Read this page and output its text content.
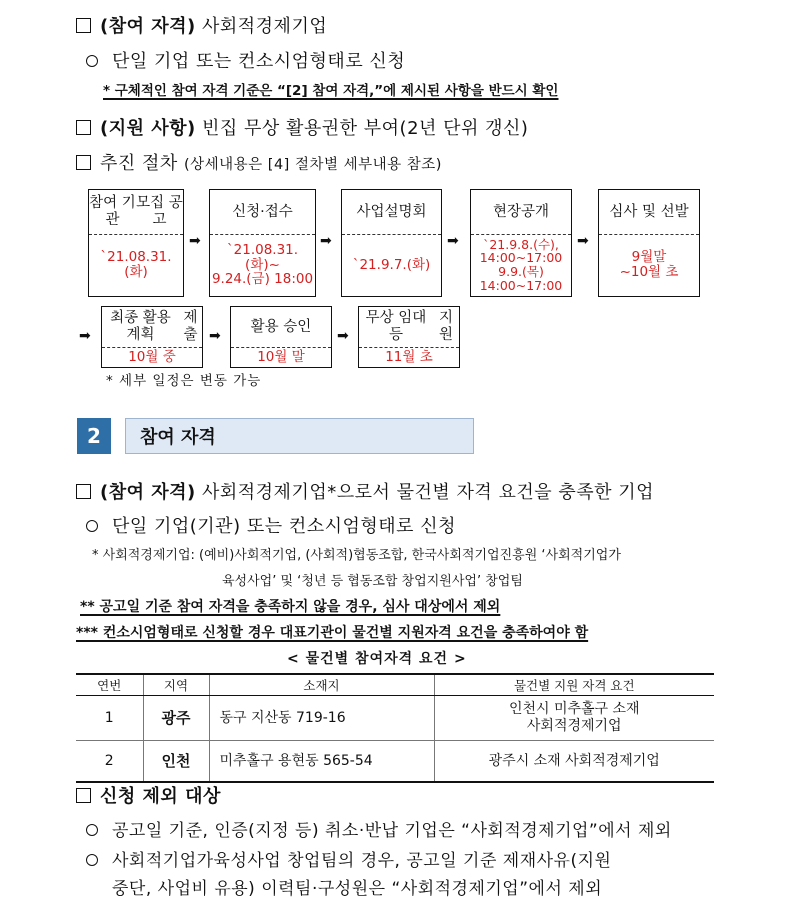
(참여 자격) 사회적경제기업
단일 기업 또는 컨소시엄형태로 신청
* 구체적인 참여 자격 기준은 “[2] 참여 자격,”에 제시된 사항을 반드시 확인
(지원 사항) 빈집 무상 활용권한 부여(2년 단위 갱신)
추진 절차 (상세내용은 [4] 절차별 세부내용 참조)
참여 기관
모집 공고
`21.08.31.(화)
➡
신청·접수
`21.08.31.(화)~
9.24.(금) 18:00
➡
사업설명회
`21.9.7.(화)
➡
현장공개
`21.9.8.(수),
14:00~17:00
9.9.(목)
14:00~17:00
➡
심사 및 선발
9월말
~10월 초
➡
최종 활용 계획
제출
10월 중
➡
활용 승인
10월 말
➡
무상 임대 등
지원
11월 초
* 세부 일정은 변동 가능
2	참여 자격
(참여 자격) 사회적경제기업*으로서 물건별 자격 요건을 충족한 기업
단일 기업(기관) 또는 컨소시엄형태로 신청
* 사회적경제기업: (예비)사회적기업, (사회적)협동조합, 한국사회적기업진흥원 ‘사회적기업가
육성사업’ 및 ‘청년 등 협동조합 창업지원사업’ 창업팀
** 공고일 기준 참여 자격을 충족하지 않을 경우, 심사 대상에서 제외
*** 컨소시엄형태로 신청할 경우 대표기관이 물건별 지원자격 요건을 충족하여야 함
< 물건별 참여자격 요건 >
연번	지역	소재지	물건별 지원 자격 요건
1	광주	동구 지산동 719-16	인천시 미추홀구 소재
사회적경제기업
2	인천	미추홀구 용현동 565-54	광주시 소재 사회적경제기업
신청 제외 대상
공고일 기준, 인증(지정 등) 취소·반납 기업은 “사회적경제기업”에서 제외
사회적기업가육성사업 창업팀의 경우, 공고일 기준 제재사유(지원
중단, 사업비 유용) 이력팀·구성원은 “사회적경제기업”에서 제외
